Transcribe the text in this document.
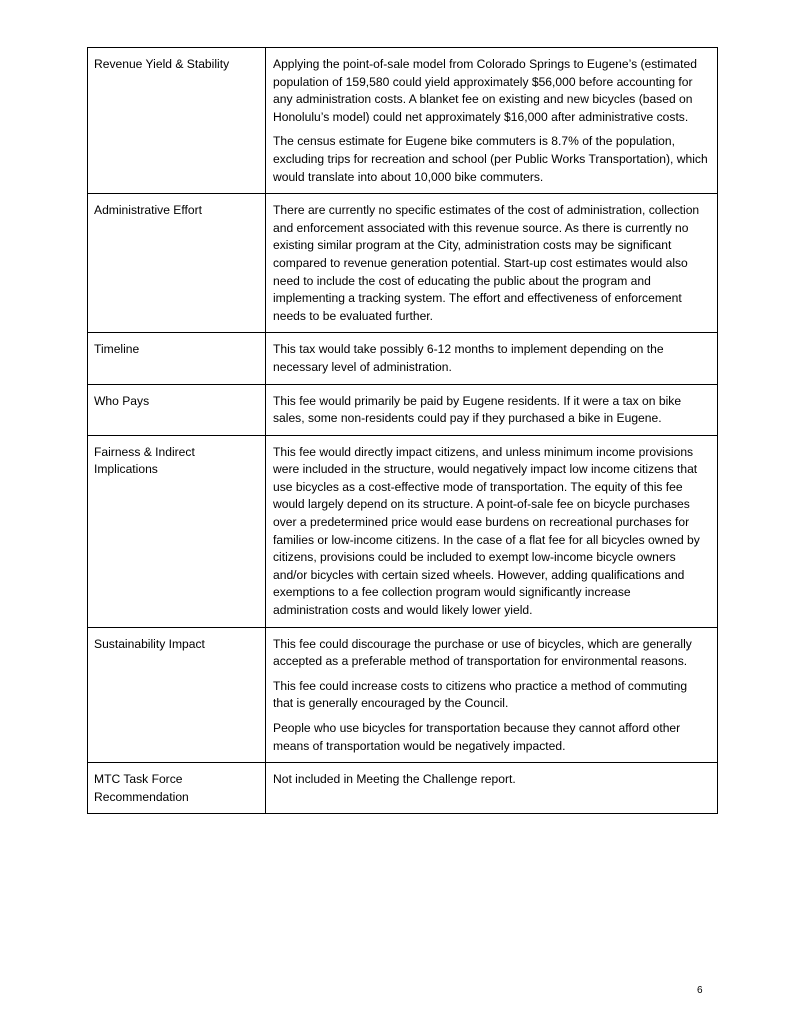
Revenue Yield & Stability	Applying the point-of-sale model from Colorado Springs to Eugene’s (estimated population of 159,580 could yield approximately $56,000 before accounting for any administration costs. A blanket fee on existing and new bicycles (based on Honolulu’s model) could net approximately $16,000 after administrative costs.

The census estimate for Eugene bike commuters is 8.7% of the population, excluding trips for recreation and school (per Public Works Transportation), which would translate into about 10,000 bike commuters.

Administrative Effort	There are currently no specific estimates of the cost of administration, collection and enforcement associated with this revenue source. As there is currently no existing similar program at the City, administration costs may be significant compared to revenue generation potential. Start-up cost estimates would also need to include the cost of educating the public about the program and implementing a tracking system. The effort and effectiveness of enforcement needs to be evaluated further.

Timeline	This tax would take possibly 6-12 months to implement depending on the necessary level of administration.

Who Pays	This fee would primarily be paid by Eugene residents. If it were a tax on bike sales, some non-residents could pay if they purchased a bike in Eugene.

Fairness & Indirect Implications	This fee would directly impact citizens, and unless minimum income provisions were included in the structure, would negatively impact low income citizens that use bicycles as a cost-effective mode of transportation. The equity of this fee would largely depend on its structure. A point-of-sale fee on bicycle purchases over a predetermined price would ease burdens on recreational purchases for families or low-income citizens. In the case of a flat fee for all bicycles owned by citizens, provisions could be included to exempt low-income bicycle owners and/or bicycles with certain sized wheels. However, adding qualifications and exemptions to a fee collection program would significantly increase administration costs and would likely lower yield.

Sustainability Impact	This fee could discourage the purchase or use of bicycles, which are generally accepted as a preferable method of transportation for environmental reasons.

This fee could increase costs to citizens who practice a method of commuting that is generally encouraged by the Council.

People who use bicycles for transportation because they cannot afford other means of transportation would be negatively impacted.

MTC Task Force Recommendation	Not included in Meeting the Challenge report.

6
